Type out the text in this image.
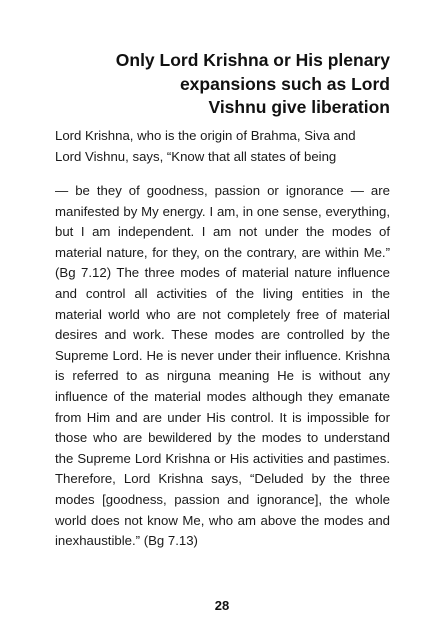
Only Lord Krishna or His plenary
expansions such as Lord
Vishnu give liberation

Lord Krishna, who is the origin of Brahma, Siva and
Lord Vishnu, says, “Know that all states of being

— be they of goodness, passion or ignorance — are manifested by My energy. I am, in one sense, everything, but I am independent. I am not under the modes of material nature, for they, on the contrary, are within Me.” (Bg 7.12) The three modes of material nature influence and control all activities of the living entities in the material world who are not completely free of material desires and work. These modes are controlled by the Supreme Lord. He is never under their influence. Krishna is referred to as nirguna meaning He is without any influence of the material modes although they emanate from Him and are under His control. It is impossible for those who are bewildered by the modes to understand the Supreme Lord Krishna or His activities and pastimes. Therefore, Lord Krishna says, “Deluded by the three modes [goodness, passion and ignorance], the whole world does not know Me, who am above the modes and inexhaustible.” (Bg 7.13)

28
